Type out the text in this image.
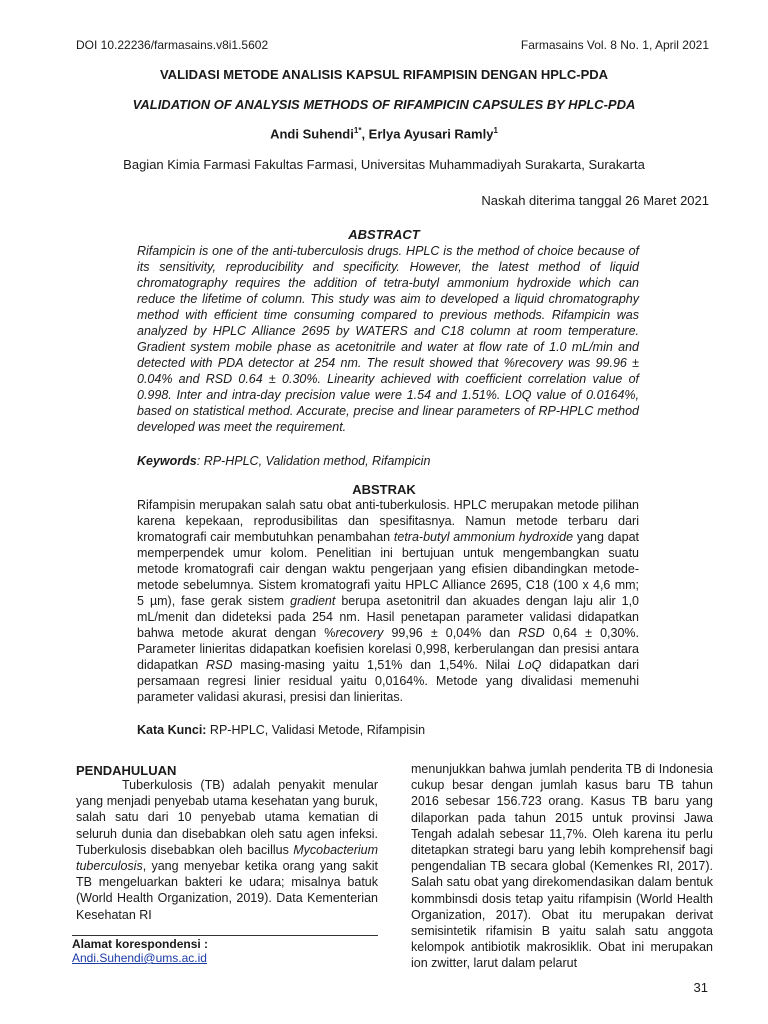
DOI 10.22236/farmasains.v8i1.5602	Farmasains Vol. 8 No. 1, April 2021
VALIDASI METODE ANALISIS KAPSUL RIFAMPISIN DENGAN HPLC-PDA
VALIDATION OF ANALYSIS METHODS OF RIFAMPICIN CAPSULES BY HPLC-PDA
Andi Suhendi$^{1*}$, Erlya Ayusari Ramly$^1$
Bagian Kimia Farmasi Fakultas Farmasi, Universitas Muhammadiyah Surakarta, Surakarta
Naskah diterima tanggal 26 Maret 2021
ABSTRACT

Rifampicin is one of the anti-tuberculosis drugs. HPLC is the method of choice because of its sensitivity, reproducibility and specificity. However, the latest method of liquid chromatography requires the addition of tetra-butyl ammonium hydroxide which can reduce the lifetime of column. This study was aim to developed a liquid chromatography method with efficient time consuming compared to previous methods. Rifampicin was analyzed by HPLC Alliance 2695 by WATERS and C18 column at room temperature. Gradient system mobile phase as acetonitrile and water at flow rate of 1.0 mL/min and detected with PDA detector at 254 nm. The result showed that %recovery was 99.96 ± 0.04% and RSD 0.64 ± 0.30%. Linearity achieved with coefficient correlation value of 0.998. Inter and intra-day precision value were 1.54 and 1.51%. LOQ value of 0.0164%, based on statistical method. Accurate, precise and linear parameters of RP-HPLC method developed was meet the requirement.

Keywords: RP-HPLC, Validation method, Rifampicin
ABSTRAK

Rifampisin merupakan salah satu obat anti-tuberkulosis. HPLC merupakan metode pilihan karena kepekaan, reprodusibilitas dan spesifitasnya. Namun metode terbaru dari kromatografi cair membutuhkan penambahan tetra-butyl ammonium hydroxide yang dapat memperpendek umur kolom. Penelitian ini bertujuan untuk mengembangkan suatu metode kromatografi cair dengan waktu pengerjaan yang efisien dibandingkan metode-metode sebelumnya. Sistem kromatografi yaitu HPLC Alliance 2695, C18 (100 x 4,6 mm; 5 µm), fase gerak sistem gradient berupa asetonitril dan akuades dengan laju alir 1,0 mL/menit dan dideteksi pada 254 nm. Hasil penetapan parameter validasi didapatkan bahwa metode akurat dengan %recovery 99,96 ± 0,04% dan RSD 0,64 ± 0,30%. Parameter linieritas didapatkan koefisien korelasi 0,998, kerberulangan dan presisi antara didapatkan RSD masing-masing yaitu 1,51% dan 1,54%. Nilai LoQ didapatkan dari persamaan regresi linier residual yaitu 0,0164%. Metode yang divalidasi memenuhi parameter validasi akurasi, presisi dan linieritas.

Kata Kunci: RP-HPLC, Validasi Metode, Rifampisin
PENDAHULUAN

Tuberkulosis (TB) adalah penyakit menular yang menjadi penyebab utama kesehatan yang buruk, salah satu dari 10 penyebab utama kematian di seluruh dunia dan disebabkan oleh satu agen infeksi. Tuberkulosis disebabkan oleh bacillus Mycobacterium tuberculosis, yang menyebar ketika orang yang sakit TB mengeluarkan bakteri ke udara; misalnya batuk (World Health Organization, 2019). Data Kementerian Kesehatan RI

menunjukkan bahwa jumlah penderita TB di Indonesia cukup besar dengan jumlah kasus baru TB tahun 2016 sebesar 156.723 orang. Kasus TB baru yang dilaporkan pada tahun 2015 untuk provinsi Jawa Tengah adalah sebesar 11,7%. Oleh karena itu perlu ditetapkan strategi baru yang lebih komprehensif bagi pengendalian TB secara global (Kemenkes RI, 2017). Salah satu obat yang direkomendasikan dalam bentuk kommbinsdi dosis tetap yaitu rifampisin (World Health Organization, 2017). Obat itu merupakan derivat semisintetik rifamisin B yaitu salah satu anggota kelompok antibiotik makrosiklik. Obat ini merupakan ion zwitter, larut dalam pelarut

Alamat korespondensi :
Andi.Suhendi@ums.ac.id
31
